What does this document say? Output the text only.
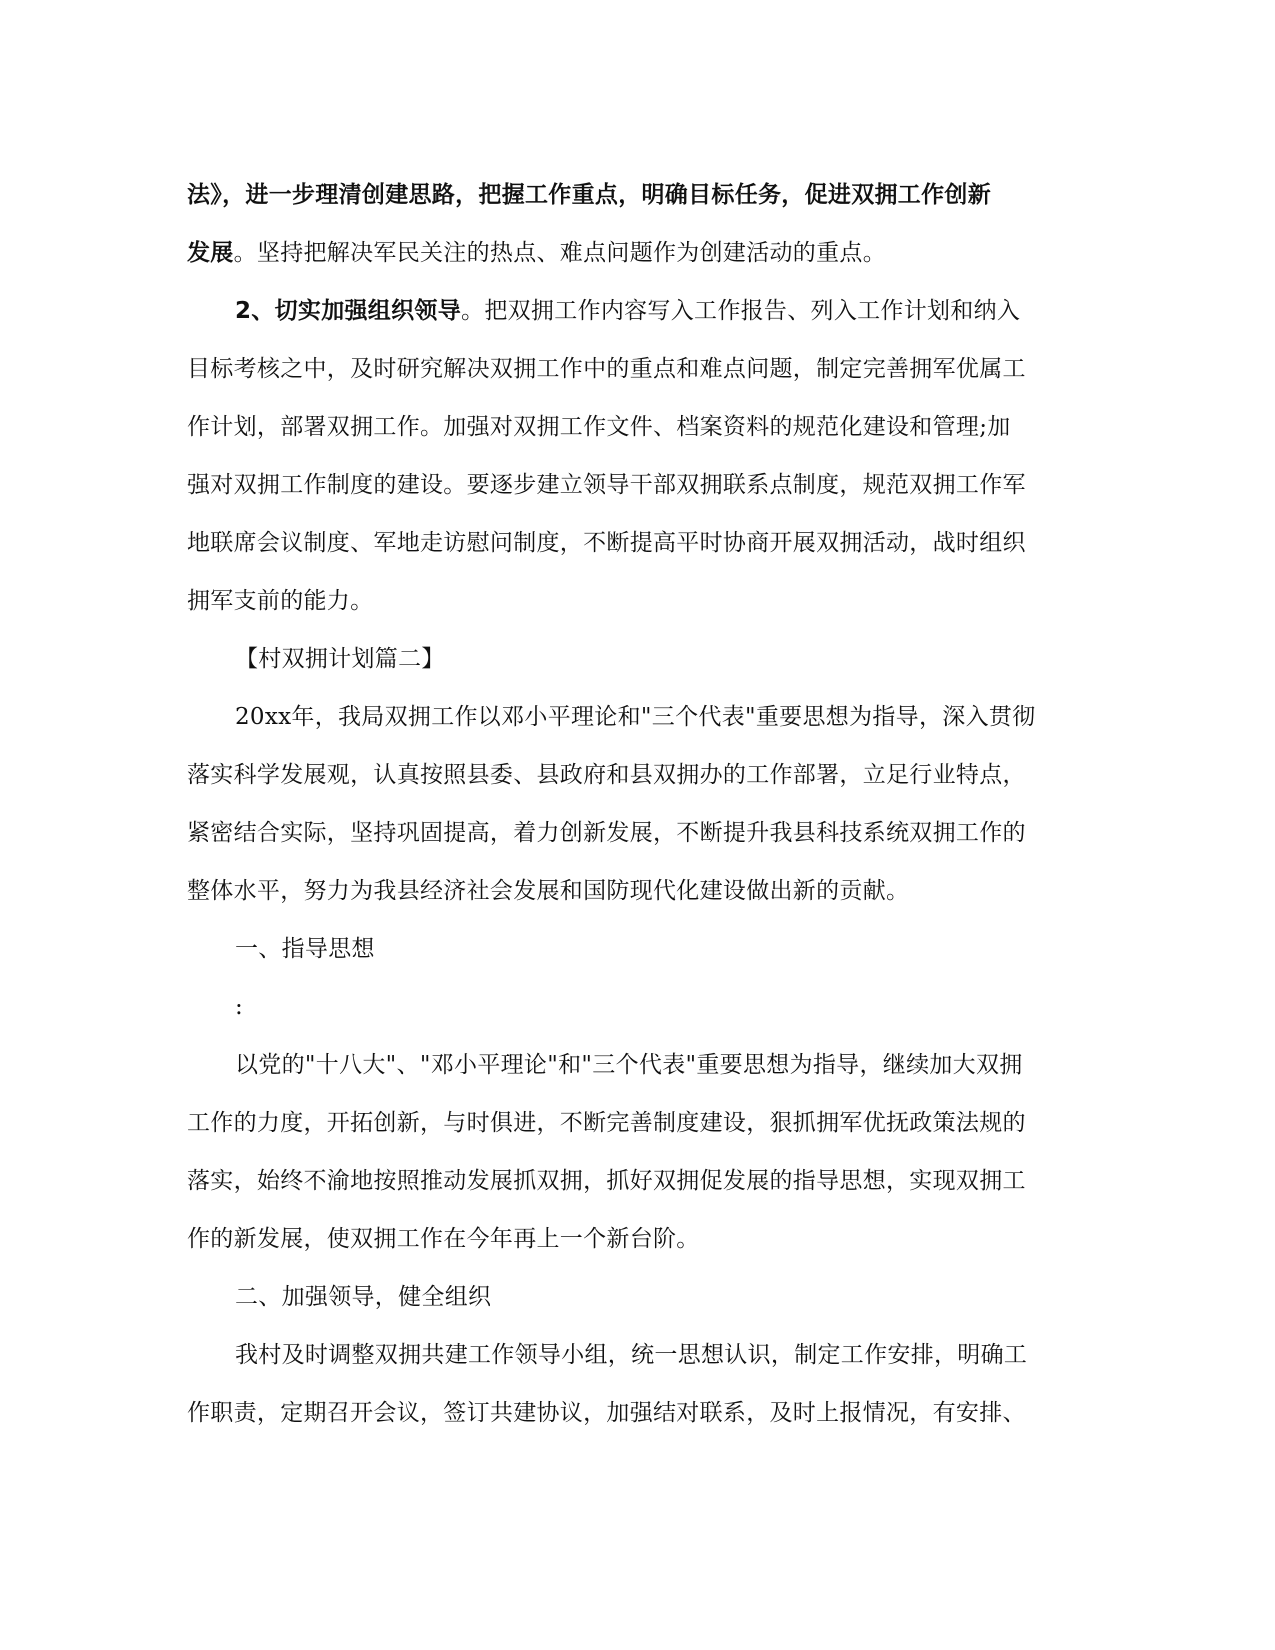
法》，进一步理清创建思路，把握工作重点，明确目标任务，促进双拥工作创新
发展。坚持把解决军民关注的热点、难点问题作为创建活动的重点。
2、切实加强组织领导。把双拥工作内容写入工作报告、列入工作计划和纳入
目标考核之中，及时研究解决双拥工作中的重点和难点问题，制定完善拥军优属工
作计划，部署双拥工作。加强对双拥工作文件、档案资料的规范化建设和管理;加
强对双拥工作制度的建设。要逐步建立领导干部双拥联系点制度，规范双拥工作军
地联席会议制度、军地走访慰问制度，不断提高平时协商开展双拥活动，战时组织
拥军支前的能力。
【村双拥计划篇二】
20xx年，我局双拥工作以邓小平理论和"三个代表"重要思想为指导，深入贯彻
落实科学发展观，认真按照县委、县政府和县双拥办的工作部署，立足行业特点，
紧密结合实际，坚持巩固提高，着力创新发展，不断提升我县科技系统双拥工作的
整体水平，努力为我县经济社会发展和国防现代化建设做出新的贡献。
一、指导思想
:
以党的"十八大"、"邓小平理论"和"三个代表"重要思想为指导，继续加大双拥
工作的力度，开拓创新，与时俱进，不断完善制度建设，狠抓拥军优抚政策法规的
落实，始终不渝地按照推动发展抓双拥，抓好双拥促发展的指导思想，实现双拥工
作的新发展，使双拥工作在今年再上一个新台阶。
二、加强领导，健全组织
我村及时调整双拥共建工作领导小组，统一思想认识，制定工作安排，明确工
作职责，定期召开会议，签订共建协议，加强结对联系，及时上报情况，有安排、
